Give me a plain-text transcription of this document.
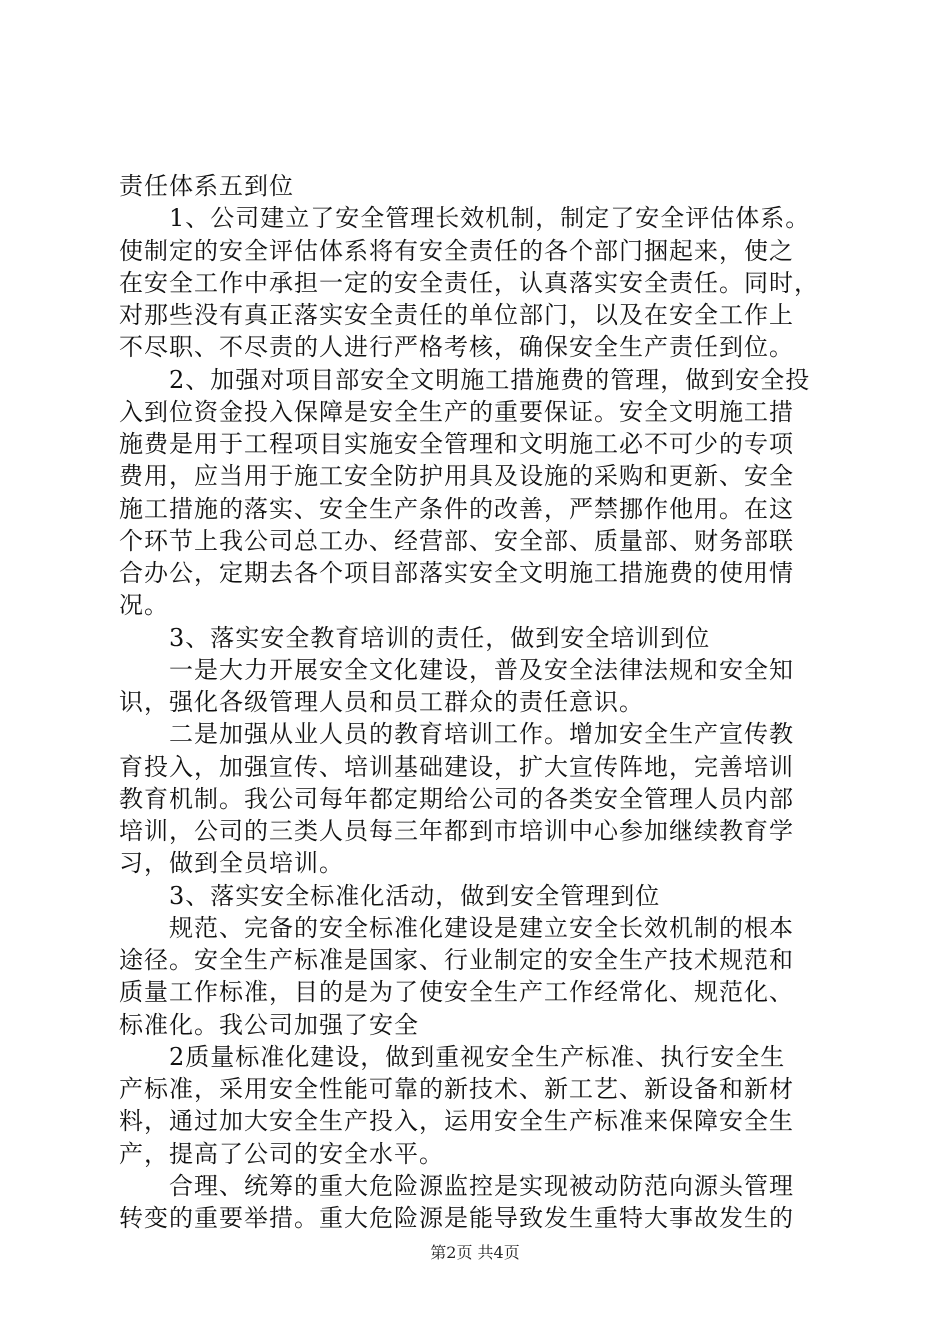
责任体系五到位
　　1、公司建立了安全管理长效机制，制定了安全评估体系。
使制定的安全评估体系将有安全责任的各个部门捆起来，使之
在安全工作中承担一定的安全责任，认真落实安全责任。同时，
对那些没有真正落实安全责任的单位部门，以及在安全工作上
不尽职、不尽责的人进行严格考核，确保安全生产责任到位。
　　2、加强对项目部安全文明施工措施费的管理，做到安全投
入到位资金投入保障是安全生产的重要保证。安全文明施工措
施费是用于工程项目实施安全管理和文明施工必不可少的专项
费用，应当用于施工安全防护用具及设施的采购和更新、安全
施工措施的落实、安全生产条件的改善，严禁挪作他用。在这
个环节上我公司总工办、经营部、安全部、质量部、财务部联
合办公，定期去各个项目部落实安全文明施工措施费的使用情
况。
　　3、落实安全教育培训的责任，做到安全培训到位
　　一是大力开展安全文化建设，普及安全法律法规和安全知
识，强化各级管理人员和员工群众的责任意识。
　　二是加强从业人员的教育培训工作。增加安全生产宣传教
育投入，加强宣传、培训基础建设，扩大宣传阵地，完善培训
教育机制。我公司每年都定期给公司的各类安全管理人员内部
培训，公司的三类人员每三年都到市培训中心参加继续教育学
习，做到全员培训。
　　3、落实安全标准化活动，做到安全管理到位
　　规范、完备的安全标准化建设是建立安全长效机制的根本
途径。安全生产标准是国家、行业制定的安全生产技术规范和
质量工作标准，目的是为了使安全生产工作经常化、规范化、
标准化。我公司加强了安全
　　2质量标准化建设，做到重视安全生产标准、执行安全生
产标准，采用安全性能可靠的新技术、新工艺、新设备和新材
料，通过加大安全生产投入，运用安全生产标准来保障安全生
产，提高了公司的安全水平。
　　合理、统筹的重大危险源监控是实现被动防范向源头管理
转变的重要举措。重大危险源是能导致发生重特大事故发生的
第2页 共4页
